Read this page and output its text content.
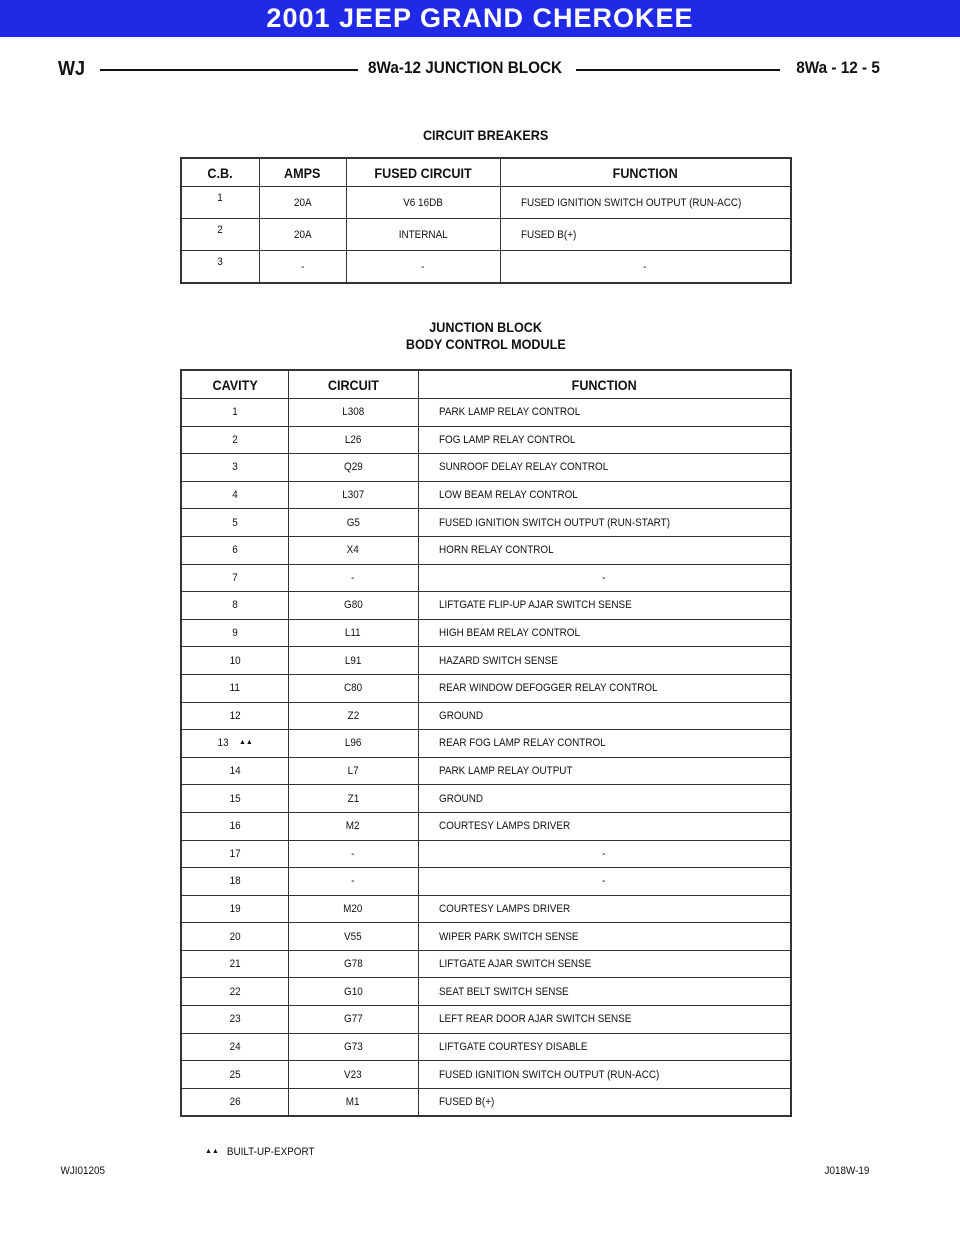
2001 JEEP GRAND CHEROKEE
WJ	8Wa-12 JUNCTION BLOCK	8Wa - 12 - 5
CIRCUIT BREAKERS
C.B.	AMPS	FUSED CIRCUIT	FUNCTION
1	20A	V6 16DB	FUSED IGNITION SWITCH OUTPUT (RUN-ACC)
2	20A	INTERNAL	FUSED B(+)
3	-	-	-
JUNCTION BLOCK
BODY CONTROL MODULE
CAVITY	CIRCUIT	FUNCTION
1	L308	PARK LAMP RELAY CONTROL
2	L26	FOG LAMP RELAY CONTROL
3	Q29	SUNROOF DELAY RELAY CONTROL
4	L307	LOW BEAM RELAY CONTROL
5	G5	FUSED IGNITION SWITCH OUTPUT (RUN-START)
6	X4	HORN RELAY CONTROL
7	-	-
8	G80	LIFTGATE FLIP-UP AJAR SWITCH SENSE
9	L11	HIGH BEAM RELAY CONTROL
10	L91	HAZARD SWITCH SENSE
11	C80	REAR WINDOW DEFOGGER RELAY CONTROL
12	Z2	GROUND
13 ▲▲	L96	REAR FOG LAMP RELAY CONTROL
14	L7	PARK LAMP RELAY OUTPUT
15	Z1	GROUND
16	M2	COURTESY LAMPS DRIVER
17	-	-
18	-	-
19	M20	COURTESY LAMPS DRIVER
20	V55	WIPER PARK SWITCH SENSE
21	G78	LIFTGATE AJAR SWITCH SENSE
22	G10	SEAT BELT SWITCH SENSE
23	G77	LEFT REAR DOOR AJAR SWITCH SENSE
24	G73	LIFTGATE COURTESY DISABLE
25	V23	FUSED IGNITION SWITCH OUTPUT (RUN-ACC)
26	M1	FUSED B(+)
▲▲ BUILT-UP-EXPORT
WJI01205	J018W-19
